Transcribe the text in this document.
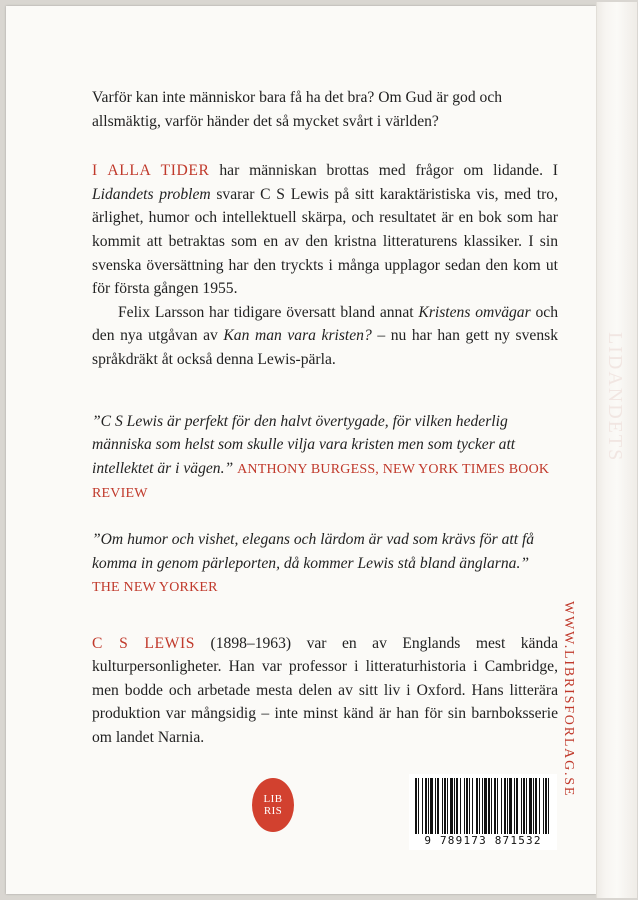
Varför kan inte människor bara få ha det bra? Om Gud är god och allsmäktig, varför händer det så mycket svårt i världen?

I ALLA TIDER har människan brottas med frågor om lidande. I Lidandets problem svarar C S Lewis på sitt karaktäristiska vis, med tro, ärlighet, humor och intellektuell skärpa, och resultatet är en bok som har kommit att betraktas som en av den kristna litteraturens klassiker. I sin svenska översättning har den tryckts i många upplagor sedan den kom ut för första gången 1955.

Felix Larsson har tidigare översatt bland annat Kristens omvägar och den nya utgåvan av Kan man vara kristen? – nu har han gett ny svensk språkdräkt åt också denna Lewis-pärla.

”C S Lewis är perfekt för den halvt övertygade, för vilken hederlig människa som helst som skulle vilja vara kristen men som tycker att intellektet är i vägen.” ANTHONY BURGESS, NEW YORK TIMES BOOK REVIEW

”Om humor och vishet, elegans och lärdom är vad som krävs för att få komma in genom pärleporten, då kommer Lewis stå bland änglarna.”
THE NEW YORKER

C S LEWIS (1898–1963) var en av Englands mest kända kulturpersonligheter. Han var professor i litteraturhistoria i Cambridge, men bodde och arbetade mesta delen av sitt liv i Oxford. Hans litterära produktion var mångsidig – inte minst känd är han för sin barnboksserie om landet Narnia.	WWW.LIBRISFORLAG.SE
LIB
RIS
9 789173 871532
LIDANDETS
